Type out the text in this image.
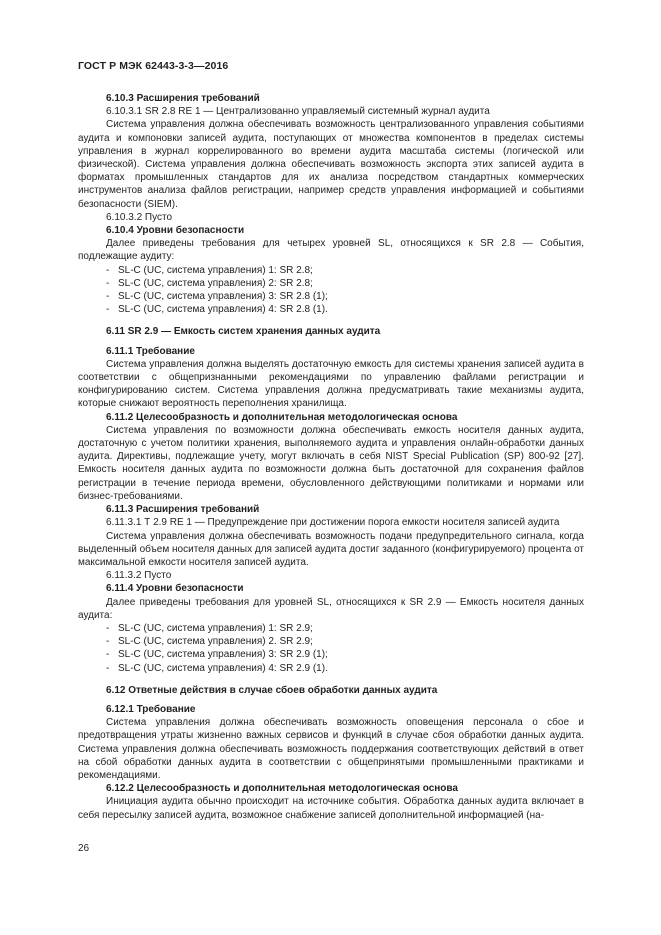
ГОСТ Р МЭК 62443-3-3—2016

6.10.3 Расширения требований

6.10.3.1 SR 2.8 RE 1 — Централизованно управляемый системный журнал аудита

Система управления должна обеспечивать возможность централизованного управления событиями аудита и компоновки записей аудита, поступающих от множества компонентов в пределах системы управления в журнал коррелированного во времени аудита масштаба системы (логической или физической). Система управления должна обеспечивать возможность экспорта этих записей аудита в форматах промышленных стандартов для их анализа посредством стандартных коммерческих инструментов анализа файлов регистрации, например средств управления информацией и событиями безопасности (SIEM).

6.10.3.2 Пусто

6.10.4 Уровни безопасности

Далее приведены требования для четырех уровней SL, относящихся к SR 2.8 — События, подлежащие аудиту:

- SL-C (UC, система управления) 1: SR 2.8;

- SL-C (UC, система управления) 2: SR 2.8;

- SL-C (UC, система управления) 3: SR 2.8 (1);

- SL-C (UC, система управления) 4: SR 2.8 (1).

6.11 SR 2.9 — Емкость систем хранения данных аудита

6.11.1 Требование

Система управления должна выделять достаточную емкость для системы хранения записей аудита в соответствии с общепризнанными рекомендациями по управлению файлами регистрации и конфигурированию систем. Система управления должна предусматривать такие механизмы аудита, которые снижают вероятность переполнения хранилища.

6.11.2 Целесообразность и дополнительная методологическая основа

Система управления по возможности должна обеспечивать емкость носителя данных аудита, достаточную с учетом политики хранения, выполняемого аудита и управления онлайн-обработки данных аудита. Директивы, подлежащие учету, могут включать в себя NIST Special Publication (SP) 800-92 [27]. Емкость носителя данных аудита по возможности должна быть достаточной для сохранения файлов регистрации в течение периода времени, обусловленного действующими политиками и нормами или бизнес-требованиями.

6.11.3 Расширения требований

6.11.3.1 Т 2.9 RE 1 — Предупреждение при достижении порога емкости носителя записей аудита

Система управления должна обеспечивать возможность подачи предупредительного сигнала, когда выделенный объем носителя данных для записей аудита достиг заданного (конфигурируемого) процента от максимальной емкости носителя записей аудита.

6.11.3.2 Пусто

6.11.4 Уровни безопасности

Далее приведены требования для уровней SL, относящихся к SR 2.9 — Емкость носителя данных аудита:

- SL-C (UC, система управления) 1: SR 2.9;

- SL-C (UC, система управления) 2. SR 2.9;

- SL-C (UC, система управления) 3: SR 2.9 (1);

- SL-C (UC, система управления) 4: SR 2.9 (1).

6.12 Ответные действия в случае сбоев обработки данных аудита

6.12.1 Требование

Система управления должна обеспечивать возможность оповещения персонала о сбое и предотвращения утраты жизненно важных сервисов и функций в случае сбоя обработки данных аудита. Система управления должна обеспечивать возможность поддержания соответствующих действий в ответ на сбой обработки данных аудита в соответствии с общепринятыми промышленными практиками и рекомендациями.

6.12.2 Целесообразность и дополнительная методологическая основа

Инициация аудита обычно происходит на источнике события. Обработка данных аудита включает в себя пересылку записей аудита, возможное снабжение записей дополнительной информацией (на-

26
